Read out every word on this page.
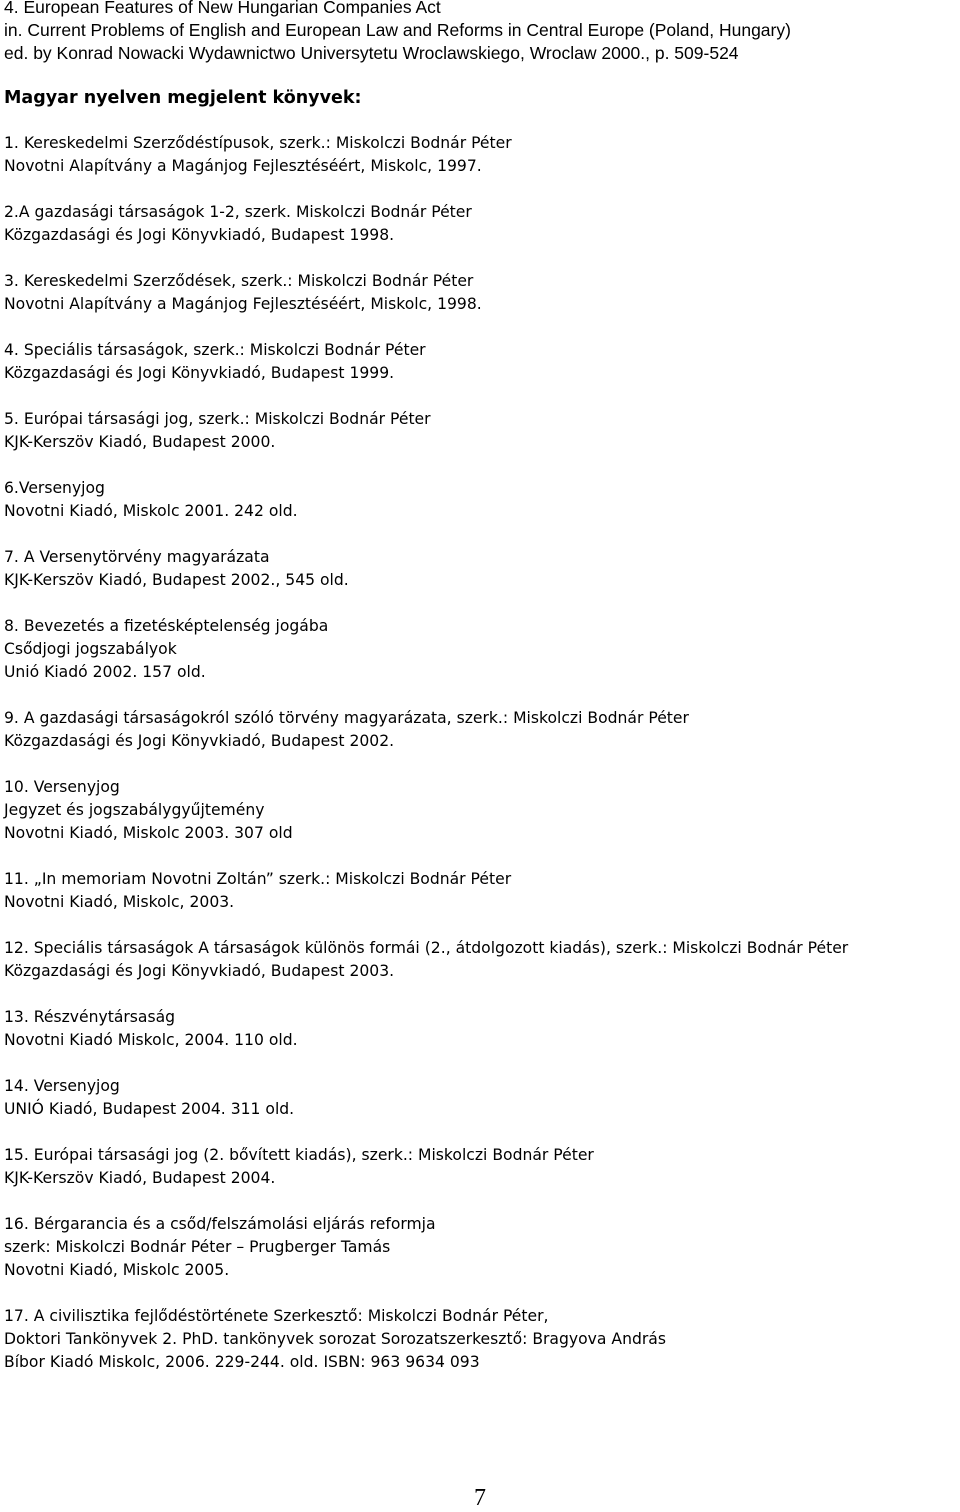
4. European Features of New Hungarian Companies Act
in. Current Problems of English and European Law and Reforms in Central Europe (Poland, Hungary)
ed. by Konrad Nowacki Wydawnictwo Universytetu Wroclawskiego, Wroclaw 2000., p. 509-524
Magyar nyelven megjelent könyvek:
1. Kereskedelmi Szerződéstípusok, szerk.: Miskolczi Bodnár Péter
Novotni Alapítvány a Magánjog Fejlesztéséért, Miskolc, 1997.
2.A gazdasági társaságok 1-2, szerk. Miskolczi Bodnár Péter
Közgazdasági és Jogi Könyvkiadó, Budapest 1998.
3. Kereskedelmi Szerződések, szerk.: Miskolczi Bodnár Péter
Novotni Alapítvány a Magánjog Fejlesztéséért, Miskolc, 1998.
4. Speciális társaságok, szerk.: Miskolczi Bodnár Péter
Közgazdasági és Jogi Könyvkiadó, Budapest 1999.
5. Európai társasági jog, szerk.: Miskolczi Bodnár Péter
KJK-Kerszöv Kiadó, Budapest 2000.
6.Versenyjog
Novotni Kiadó, Miskolc 2001. 242 old.
7. A Versenytörvény magyarázata
KJK-Kerszöv Kiadó, Budapest 2002., 545 old.
8. Bevezetés a fizetésképtelenség jogába
Csődjogi jogszabályok
Unió Kiadó 2002. 157 old.
9. A gazdasági társaságokról szóló törvény magyarázata, szerk.: Miskolczi Bodnár Péter
Közgazdasági és Jogi Könyvkiadó, Budapest 2002.
10. Versenyjog
Jegyzet és jogszabálygyűjtemény
Novotni Kiadó, Miskolc 2003. 307 old
11. „In memoriam Novotni Zoltán” szerk.: Miskolczi Bodnár Péter
Novotni Kiadó, Miskolc, 2003.
12. Speciális társaságok A társaságok különös formái (2., átdolgozott kiadás), szerk.: Miskolczi Bodnár Péter
Közgazdasági és Jogi Könyvkiadó, Budapest 2003.
13. Részvénytársaság
Novotni Kiadó Miskolc, 2004. 110 old.
14. Versenyjog
UNIÓ Kiadó, Budapest 2004. 311 old.
15. Európai társasági jog (2. bővített kiadás), szerk.: Miskolczi Bodnár Péter
KJK-Kerszöv Kiadó, Budapest 2004.
16. Bérgarancia és a csőd/felszámolási eljárás reformja
szerk: Miskolczi Bodnár Péter – Prugberger Tamás
Novotni Kiadó, Miskolc 2005.
17. A civilisztika fejlődéstörténete Szerkesztő: Miskolczi Bodnár Péter,
Doktori Tankönyvek 2. PhD. tankönyvek sorozat Sorozatszerkesztő: Bragyova András
Bíbor Kiadó Miskolc, 2006. 229-244. old. ISBN: 963 9634 093
7
